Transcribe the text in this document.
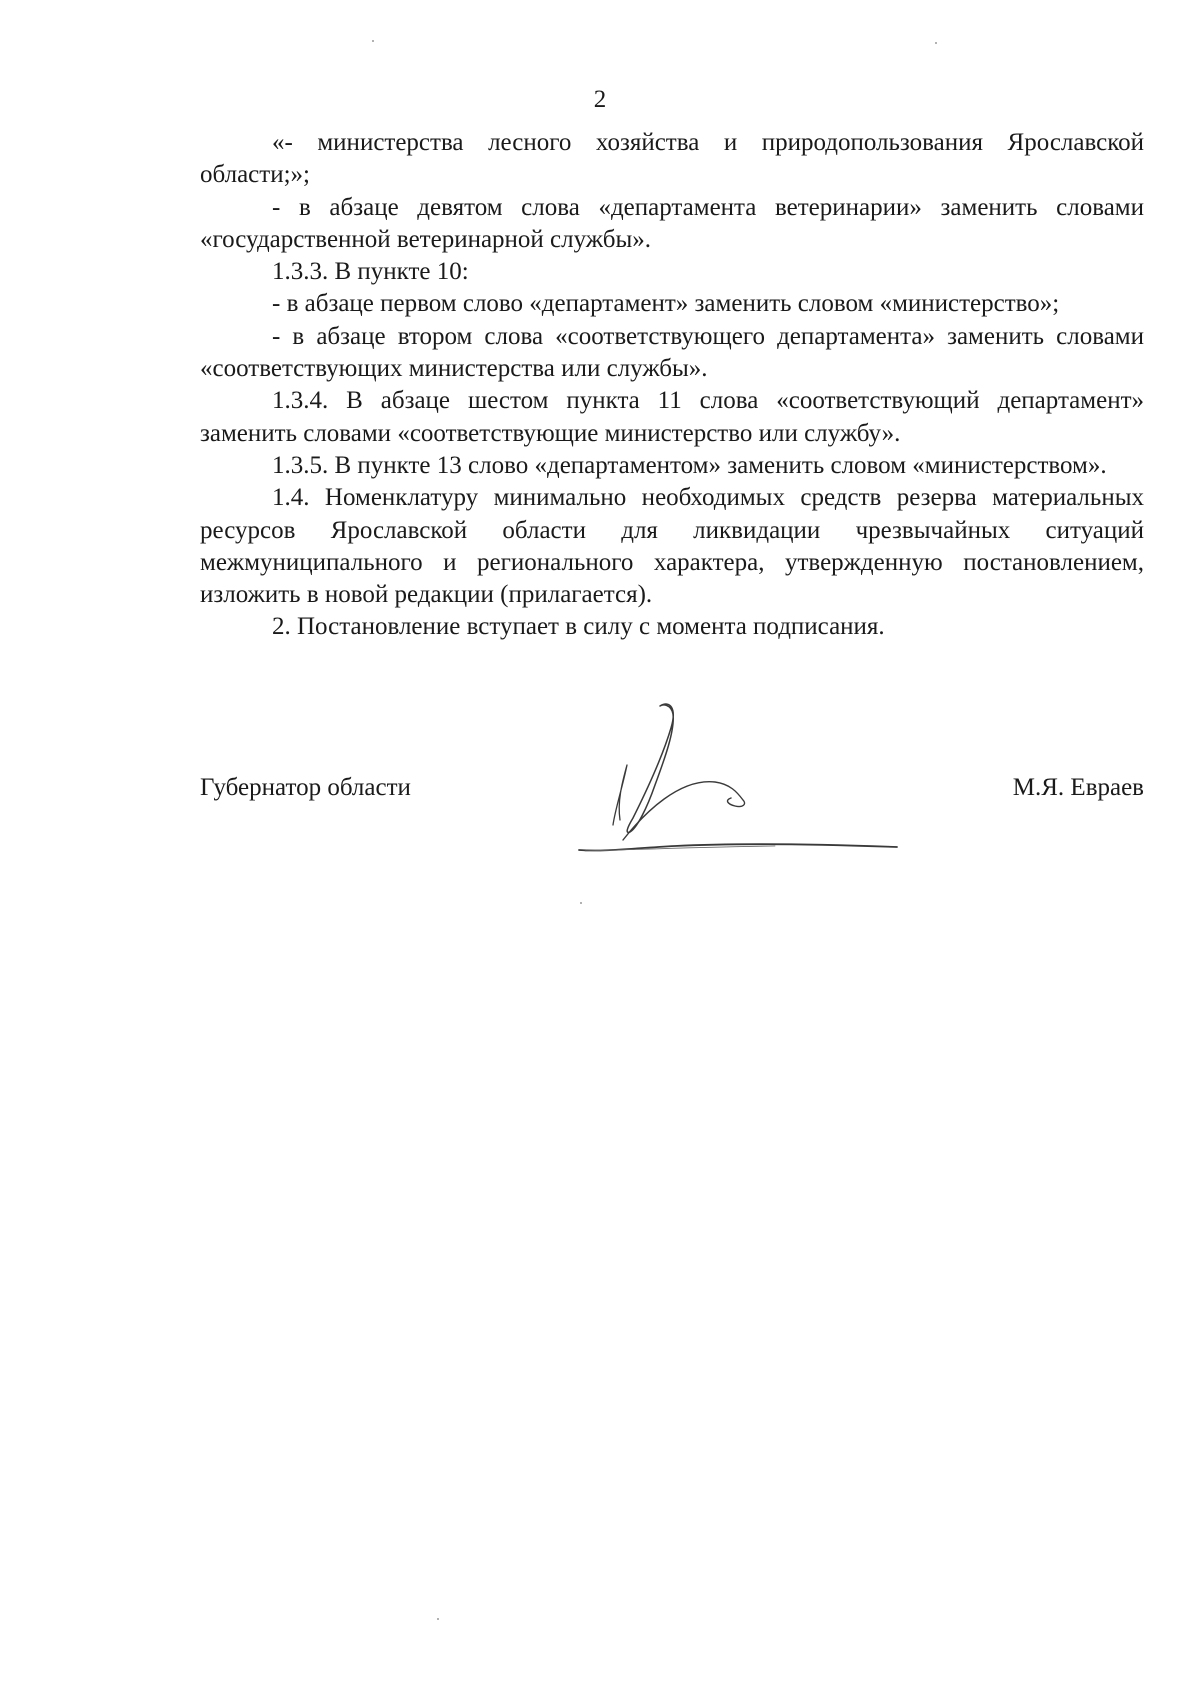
2

«- министерства лесного хозяйства и природопользования Ярославской области;»;

- в абзаце девятом слова «департамента ветеринарии» заменить словами «государственной ветеринарной службы».

1.3.3. В пункте 10:

- в абзаце первом слово «департамент» заменить словом «министерство»;

- в абзаце втором слова «соответствующего департамента» заменить словами «соответствующих министерства или службы».

1.3.4. В абзаце шестом пункта 11 слова «соответствующий департамент» заменить словами «соответствующие министерство или службу».

1.3.5. В пункте 13 слово «департаментом» заменить словом «министерством».

1.4. Номенклатуру минимально необходимых средств резерва материальных ресурсов Ярославской области для ликвидации чрезвычайных ситуаций межмуниципального и регионального характера, утвержденную постановлением, изложить в новой редакции (прилагается).

2. Постановление вступает в силу с момента подписания.

Губернатор области	М.Я. Евраев
